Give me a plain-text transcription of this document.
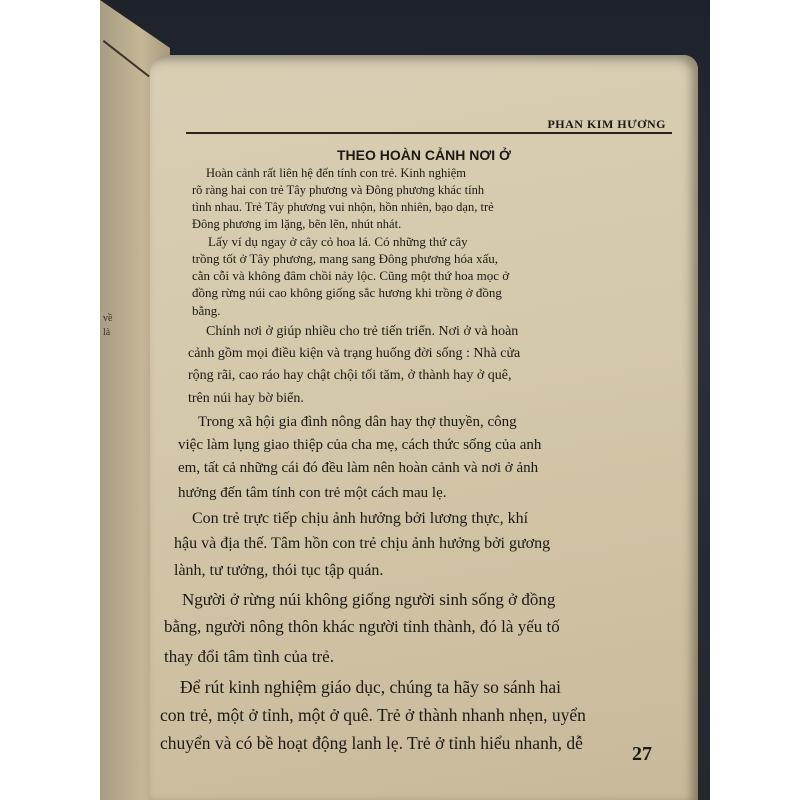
về
là
PHAN KIM HƯƠNG
THEO HOÀN CẢNH NƠI Ở
Hoàn cảnh rất liên hệ đến tính con trẻ. Kinh nghiệm
rõ ràng hai con trẻ Tây phương và Đông phương khác tính
tình nhau. Trẻ Tây phương vui nhộn, hồn nhiên, bạo dạn, trẻ
Đông phương im lặng, bẽn lẽn, nhút nhát.
Lấy ví dụ ngay ở cây cỏ hoa lá. Có những thứ cây
trồng tốt ở Tây phương, mang sang Đông phương hóa xấu,
cằn cỗi và không đâm chồi nảy lộc. Cũng một thứ hoa mọc ở
đồng rừng núi cao không giống sắc hương khi trồng ở đồng
bằng.
Chính nơi ở giúp nhiều cho trẻ tiến triển. Nơi ở và hoàn
cảnh gồm mọi điều kiện và trạng huống đời sống : Nhà cửa
rộng rãi, cao ráo hay chật chội tối tăm, ở thành hay ở quê,
trên núi hay bờ biển.
Trong xã hội gia đình nông dân hay thợ thuyền, công
việc làm lụng giao thiệp của cha mẹ, cách thức sống của anh
em, tất cả những cái đó đều làm nên hoàn cảnh và nơi ở ảnh
hưởng đến tâm tính con trẻ một cách mau lẹ.
Con trẻ trực tiếp chịu ảnh hưởng bởi lương thực, khí
hậu và địa thế. Tâm hồn con trẻ chịu ảnh hưởng bởi gương
lành, tư tưởng, thói tục tập quán.
Người ở rừng núi không giống người sinh sống ở đồng
bằng, người nông thôn khác người tỉnh thành, đó là yếu tố
thay đổi tâm tình của trẻ.
Để rút kinh nghiệm giáo dục, chúng ta hãy so sánh hai
con trẻ, một ở tỉnh, một ở quê. Trẻ ở thành nhanh nhẹn, uyển
chuyển và có bề hoạt động lanh lẹ. Trẻ ở tỉnh hiểu nhanh, dễ	27
